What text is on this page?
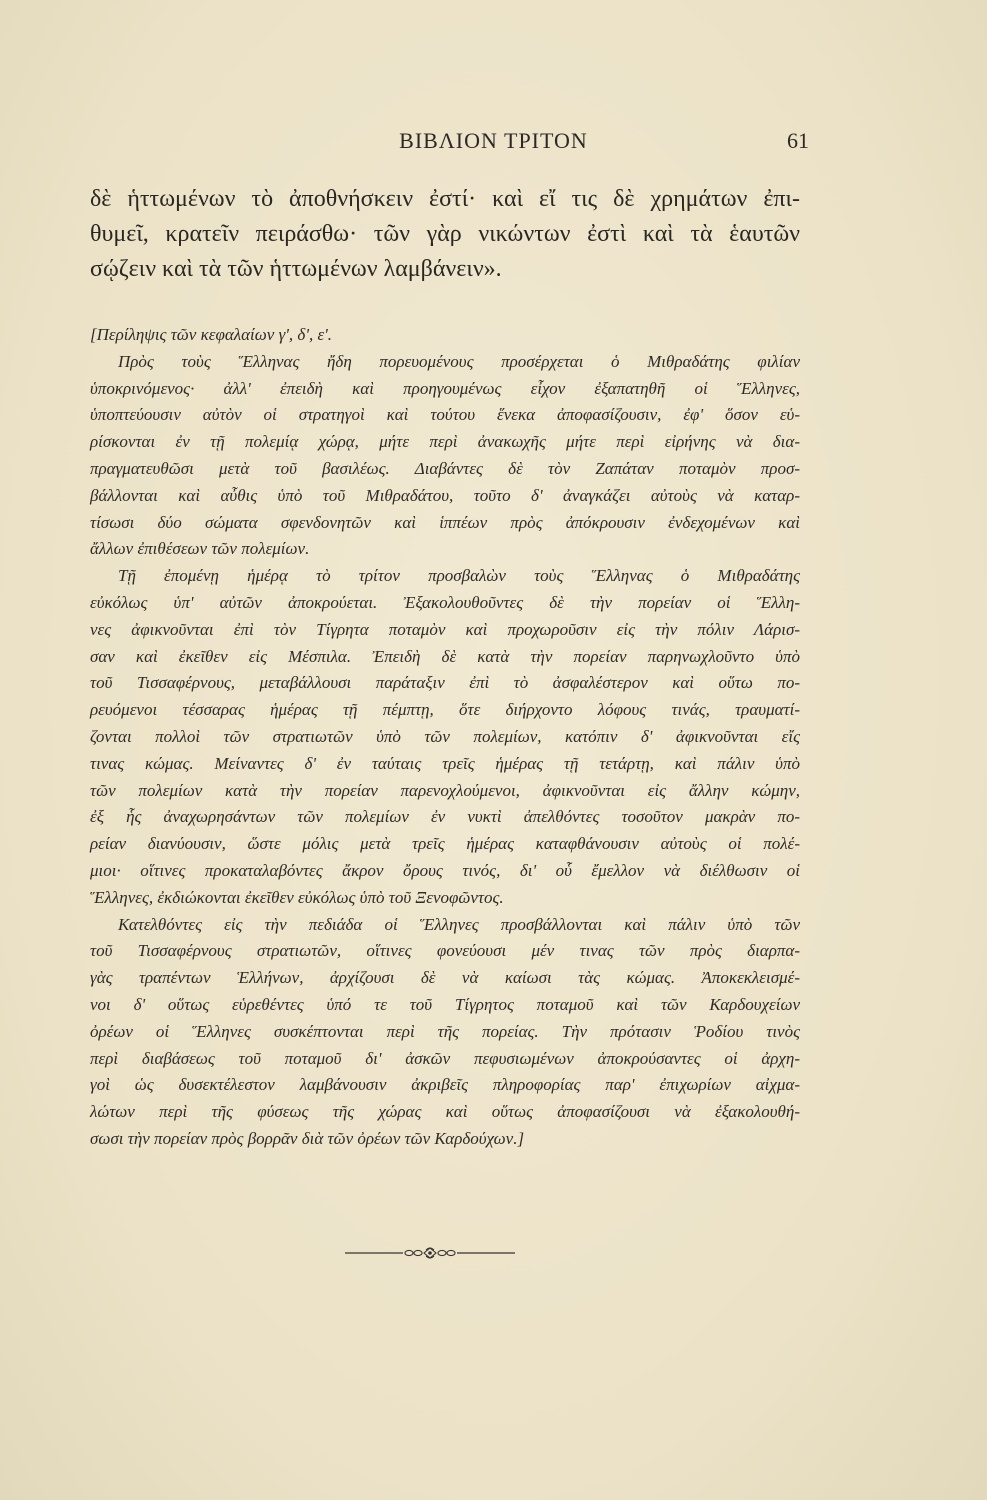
ΒΙΒΛΙΟΝ ΤΡΙΤΟΝ	61
δὲ ἡττωμένων τὸ ἀποθνήσκειν ἐστί· καὶ εἴ τις δὲ χρημάτων ἐπι-
θυμεῖ, κρατεῖν πειράσθω· τῶν γὰρ νικώντων ἐστὶ καὶ τὰ ἑαυτῶν
σῴζειν καὶ τὰ τῶν ἡττωμένων λαμβάνειν».
[Περίληψις τῶν κεφαλαίων γ', δ', ε'.
Πρὸς τοὺς Ἕλληνας ἤδη πορευομένους προσέρχεται ὁ Μιθραδάτης φιλίαν
ὑποκρινόμενος· ἀλλ' ἐπειδὴ καὶ προηγουμένως εἶχον ἐξαπατηθῆ οἱ Ἕλληνες,
ὑποπτεύουσιν αὐτὸν οἱ στρατηγοὶ καὶ τούτου ἕνεκα ἀποφασίζουσιν, ἐφ' ὅσον εὑ-
ρίσκονται ἐν τῇ πολεμίᾳ χώρᾳ, μήτε περὶ ἀνακωχῆς μήτε περὶ εἰρήνης νὰ δια-
πραγματευθῶσι μετὰ τοῦ βασιλέως. Διαβάντες δὲ τὸν Ζαπάταν ποταμὸν προσ-
βάλλονται καὶ αὖθις ὑπὸ τοῦ Μιθραδάτου, τοῦτο δ' ἀναγκάζει αὐτοὺς νὰ καταρ-
τίσωσι δύο σώματα σφενδονητῶν καὶ ἱππέων πρὸς ἀπόκρουσιν ἐνδεχομένων καὶ
ἄλλων ἐπιθέσεων τῶν πολεμίων.
Τῇ ἐπομένῃ ἡμέρᾳ τὸ τρίτον προσβαλὼν τοὺς Ἕλληνας ὁ Μιθραδάτης
εὐκόλως ὑπ' αὐτῶν ἀποκρούεται. Ἐξακολουθοῦντες δὲ τὴν πορείαν οἱ Ἕλλη-
νες ἀφικνοῦνται ἐπὶ τὸν Τίγρητα ποταμὸν καὶ προχωροῦσιν εἰς τὴν πόλιν Λάρισ-
σαν καὶ ἐκεῖθεν εἰς Μέσπιλα. Ἐπειδὴ δὲ κατὰ τὴν πορείαν παρηνωχλοῦντο ὑπὸ
τοῦ Τισσαφέρνους, μεταβάλλουσι παράταξιν ἐπὶ τὸ ἀσφαλέστερον καὶ οὕτω πο-
ρευόμενοι τέσσαρας ἡμέρας τῇ πέμπτῃ, ὅτε διήρχοντο λόφους τινάς, τραυματί-
ζονται πολλοὶ τῶν στρατιωτῶν ὑπὸ τῶν πολεμίων, κατόπιν δ' ἀφικνοῦνται εἴς
τινας κώμας. Μείναντες δ' ἐν ταύταις τρεῖς ἡμέρας τῇ τετάρτῃ, καὶ πάλιν ὑπὸ
τῶν πολεμίων κατὰ τὴν πορείαν παρενοχλούμενοι, ἀφικνοῦνται εἰς ἄλλην κώμην,
ἐξ ἧς ἀναχωρησάντων τῶν πολεμίων ἐν νυκτὶ ἀπελθόντες τοσοῦτον μακρὰν πο-
ρείαν διανύουσιν, ὥστε μόλις μετὰ τρεῖς ἡμέρας καταφθάνουσιν αὐτοὺς οἱ πολέ-
μιοι· οἵτινες προκαταλαβόντες ἄκρον ὄρους τινός, δι' οὗ ἔμελλον νὰ διέλθωσιν οἱ
Ἕλληνες, ἐκδιώκονται ἐκεῖθεν εὐκόλως ὑπὸ τοῦ Ξενοφῶντος.
Κατελθόντες εἰς τὴν πεδιάδα οἱ Ἕλληνες προσβάλλονται καὶ πάλιν ὑπὸ τῶν
τοῦ Τισσαφέρνους στρατιωτῶν, οἵτινες φονεύουσι μέν τινας τῶν πρὸς διαρπα-
γὰς τραπέντων Ἑλλήνων, ἀρχίζουσι δὲ νὰ καίωσι τὰς κώμας. Ἀποκεκλεισμέ-
νοι δ' οὕτως εὑρεθέντες ὑπό τε τοῦ Τίγρητος ποταμοῦ καὶ τῶν Καρδουχείων
ὀρέων οἱ Ἕλληνες συσκέπτονται περὶ τῆς πορείας. Τὴν πρότασιν Ῥοδίου τινὸς
περὶ διαβάσεως τοῦ ποταμοῦ δι' ἀσκῶν πεφυσιωμένων ἀποκρούσαντες οἱ ἀρχη-
γοὶ ὡς δυσεκτέλεστον λαμβάνουσιν ἀκριβεῖς πληροφορίας παρ' ἐπιχωρίων αἰχμα-
λώτων περὶ τῆς φύσεως τῆς χώρας καὶ οὕτως ἀποφασίζουσι νὰ ἐξακολουθή-
σωσι τὴν πορείαν πρὸς βορρᾶν διὰ τῶν ὀρέων τῶν Καρδούχων.]
